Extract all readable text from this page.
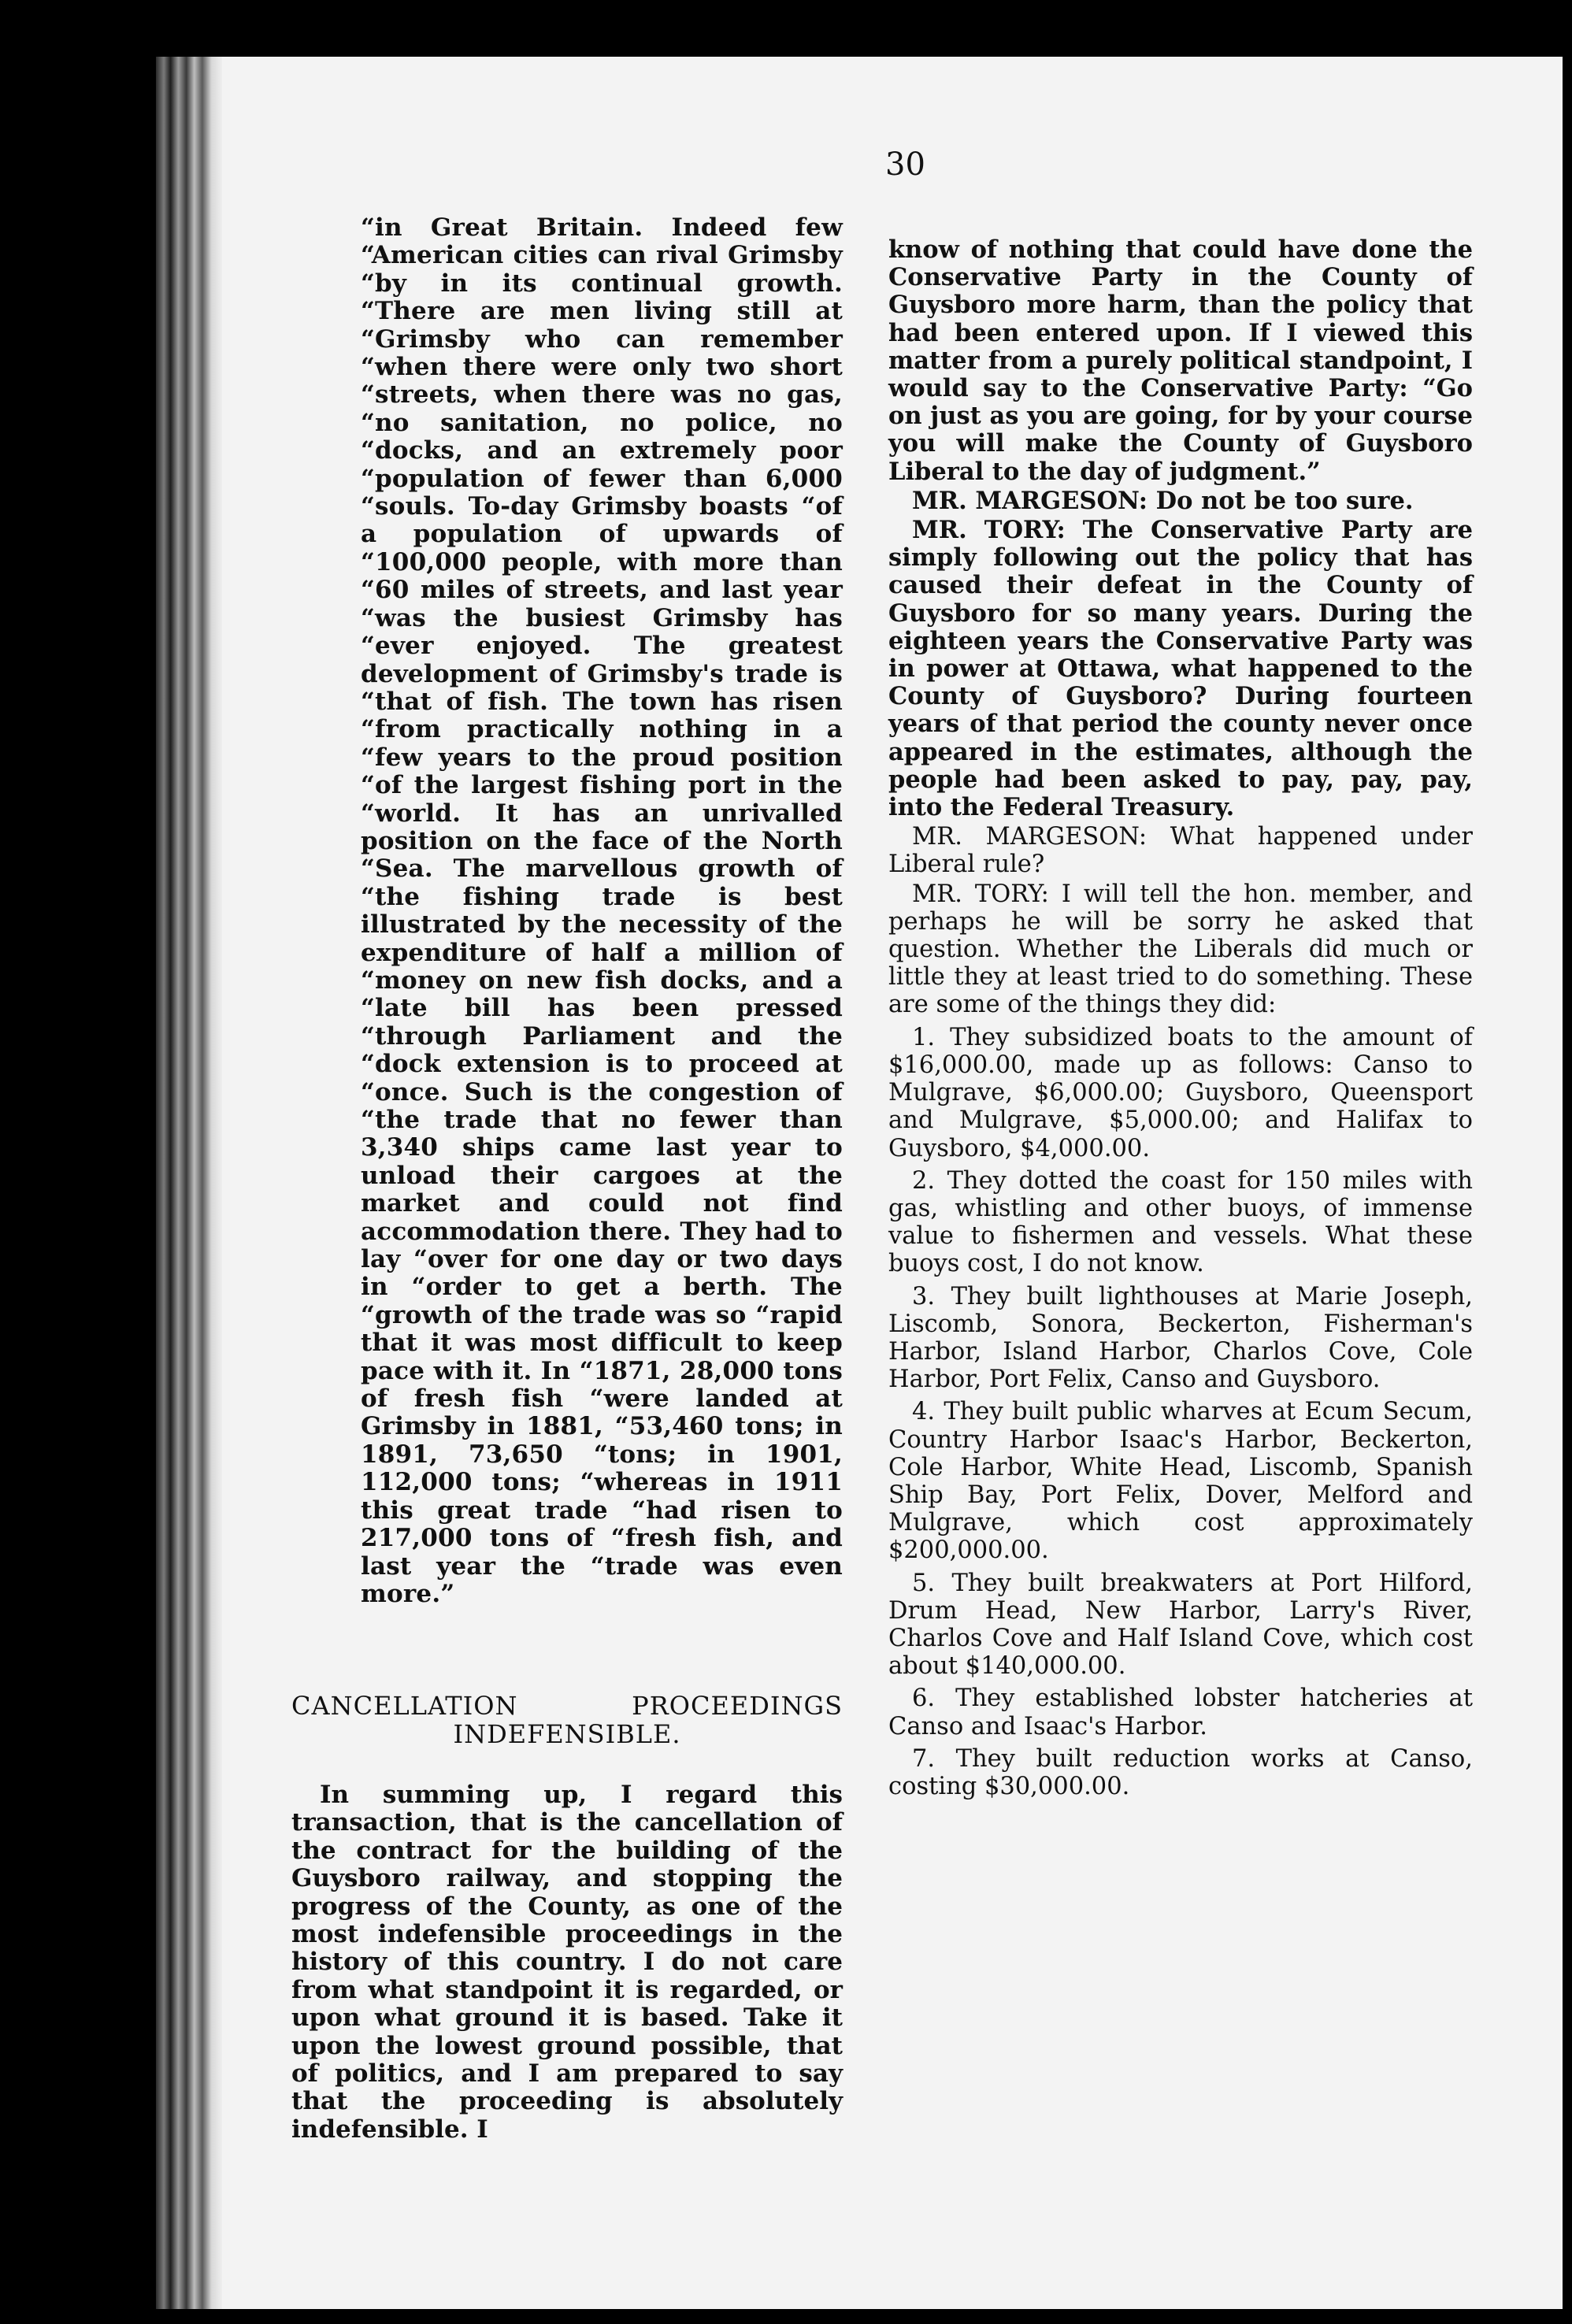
30

“in Great Britain. Indeed few “American cities can rival Grimsby “by in its continual growth. “There are men living still at “Grimsby who can remember “when there were only two short “streets, when there was no gas, “no sanitation, no police, no “docks, and an extremely poor “population of fewer than 6,000 “souls. To-day Grimsby boasts “of a population of upwards of “100,000 people, with more than “60 miles of streets, and last year “was the busiest Grimsby has “ever enjoyed. The greatest development of Grimsby's trade is “that of fish. The town has risen “from practically nothing in a “few years to the proud position “of the largest fishing port in the “world. It has an unrivalled position on the face of the North “Sea. The marvellous growth of “the fishing trade is best illustrated by the necessity of the expenditure of half a million of “money on new fish docks, and a “late bill has been pressed “through Parliament and the “dock extension is to proceed at “once. Such is the congestion of “the trade that no fewer than 3,340 ships came last year to unload their cargoes at the market and could not find accommodation there. They had to lay “over for one day or two days in “order to get a berth. The “growth of the trade was so “rapid that it was most difficult to keep pace with it. In “1871, 28,000 tons of fresh fish “were landed at Grimsby in 1881, “53,460 tons; in 1891, 73,650 “tons; in 1901, 112,000 tons; “whereas in 1911 this great trade “had risen to 217,000 tons of “fresh fish, and last year the “trade was even more.”

CANCELLATION	PROCEEDINGS
INDEFENSIBLE.

In summing up, I regard this transaction, that is the cancellation of the contract for the building of the Guysboro railway, and stopping the progress of the County, as one of the most indefensible proceedings in the history of this country. I do not care from what standpoint it is regarded, or upon what ground it is based. Take it upon the lowest ground possible, that of politics, and I am prepared to say that the proceeding is absolutely indefensible. I

know of nothing that could have done the Conservative Party in the County of Guysboro more harm, than the policy that had been entered upon. If I viewed this matter from a purely political standpoint, I would say to the Conservative Party: “Go on just as you are going, for by your course you will make the County of Guysboro Liberal to the day of judgment.”

MR. MARGESON: Do not be too sure.

MR. TORY: The Conservative Party are simply following out the policy that has caused their defeat in the County of Guysboro for so many years. During the eighteen years the Conservative Party was in power at Ottawa, what happened to the County of Guysboro? During fourteen years of that period the county never once appeared in the estimates, although the people had been asked to pay, pay, pay, into the Federal Treasury.

MR. MARGESON: What happened under Liberal rule?

MR. TORY: I will tell the hon. member, and perhaps he will be sorry he asked that question. Whether the Liberals did much or little they at least tried to do something. These are some of the things they did:

1. They subsidized boats to the amount of $16,000.00, made up as follows: Canso to Mulgrave, $6,000.00; Guysboro, Queensport and Mulgrave, $5,000.00; and Halifax to Guysboro, $4,000.00.

2. They dotted the coast for 150 miles with gas, whistling and other buoys, of immense value to fishermen and vessels. What these buoys cost, I do not know.

3. They built lighthouses at Marie Joseph, Liscomb, Sonora, Beckerton, Fisherman's Harbor, Island Harbor, Charlos Cove, Cole Harbor, Port Felix, Canso and Guysboro.

4. They built public wharves at Ecum Secum, Country Harbor Isaac's Harbor, Beckerton, Cole Harbor, White Head, Liscomb, Spanish Ship Bay, Port Felix, Dover, Melford and Mulgrave, which cost approximately $200,000.00.

5. They built breakwaters at Port Hilford, Drum Head, New Harbor, Larry's River, Charlos Cove and Half Island Cove, which cost about $140,000.00.

6. They established lobster hatcheries at Canso and Isaac's Harbor.

7. They built reduction works at Canso, costing $30,000.00.
